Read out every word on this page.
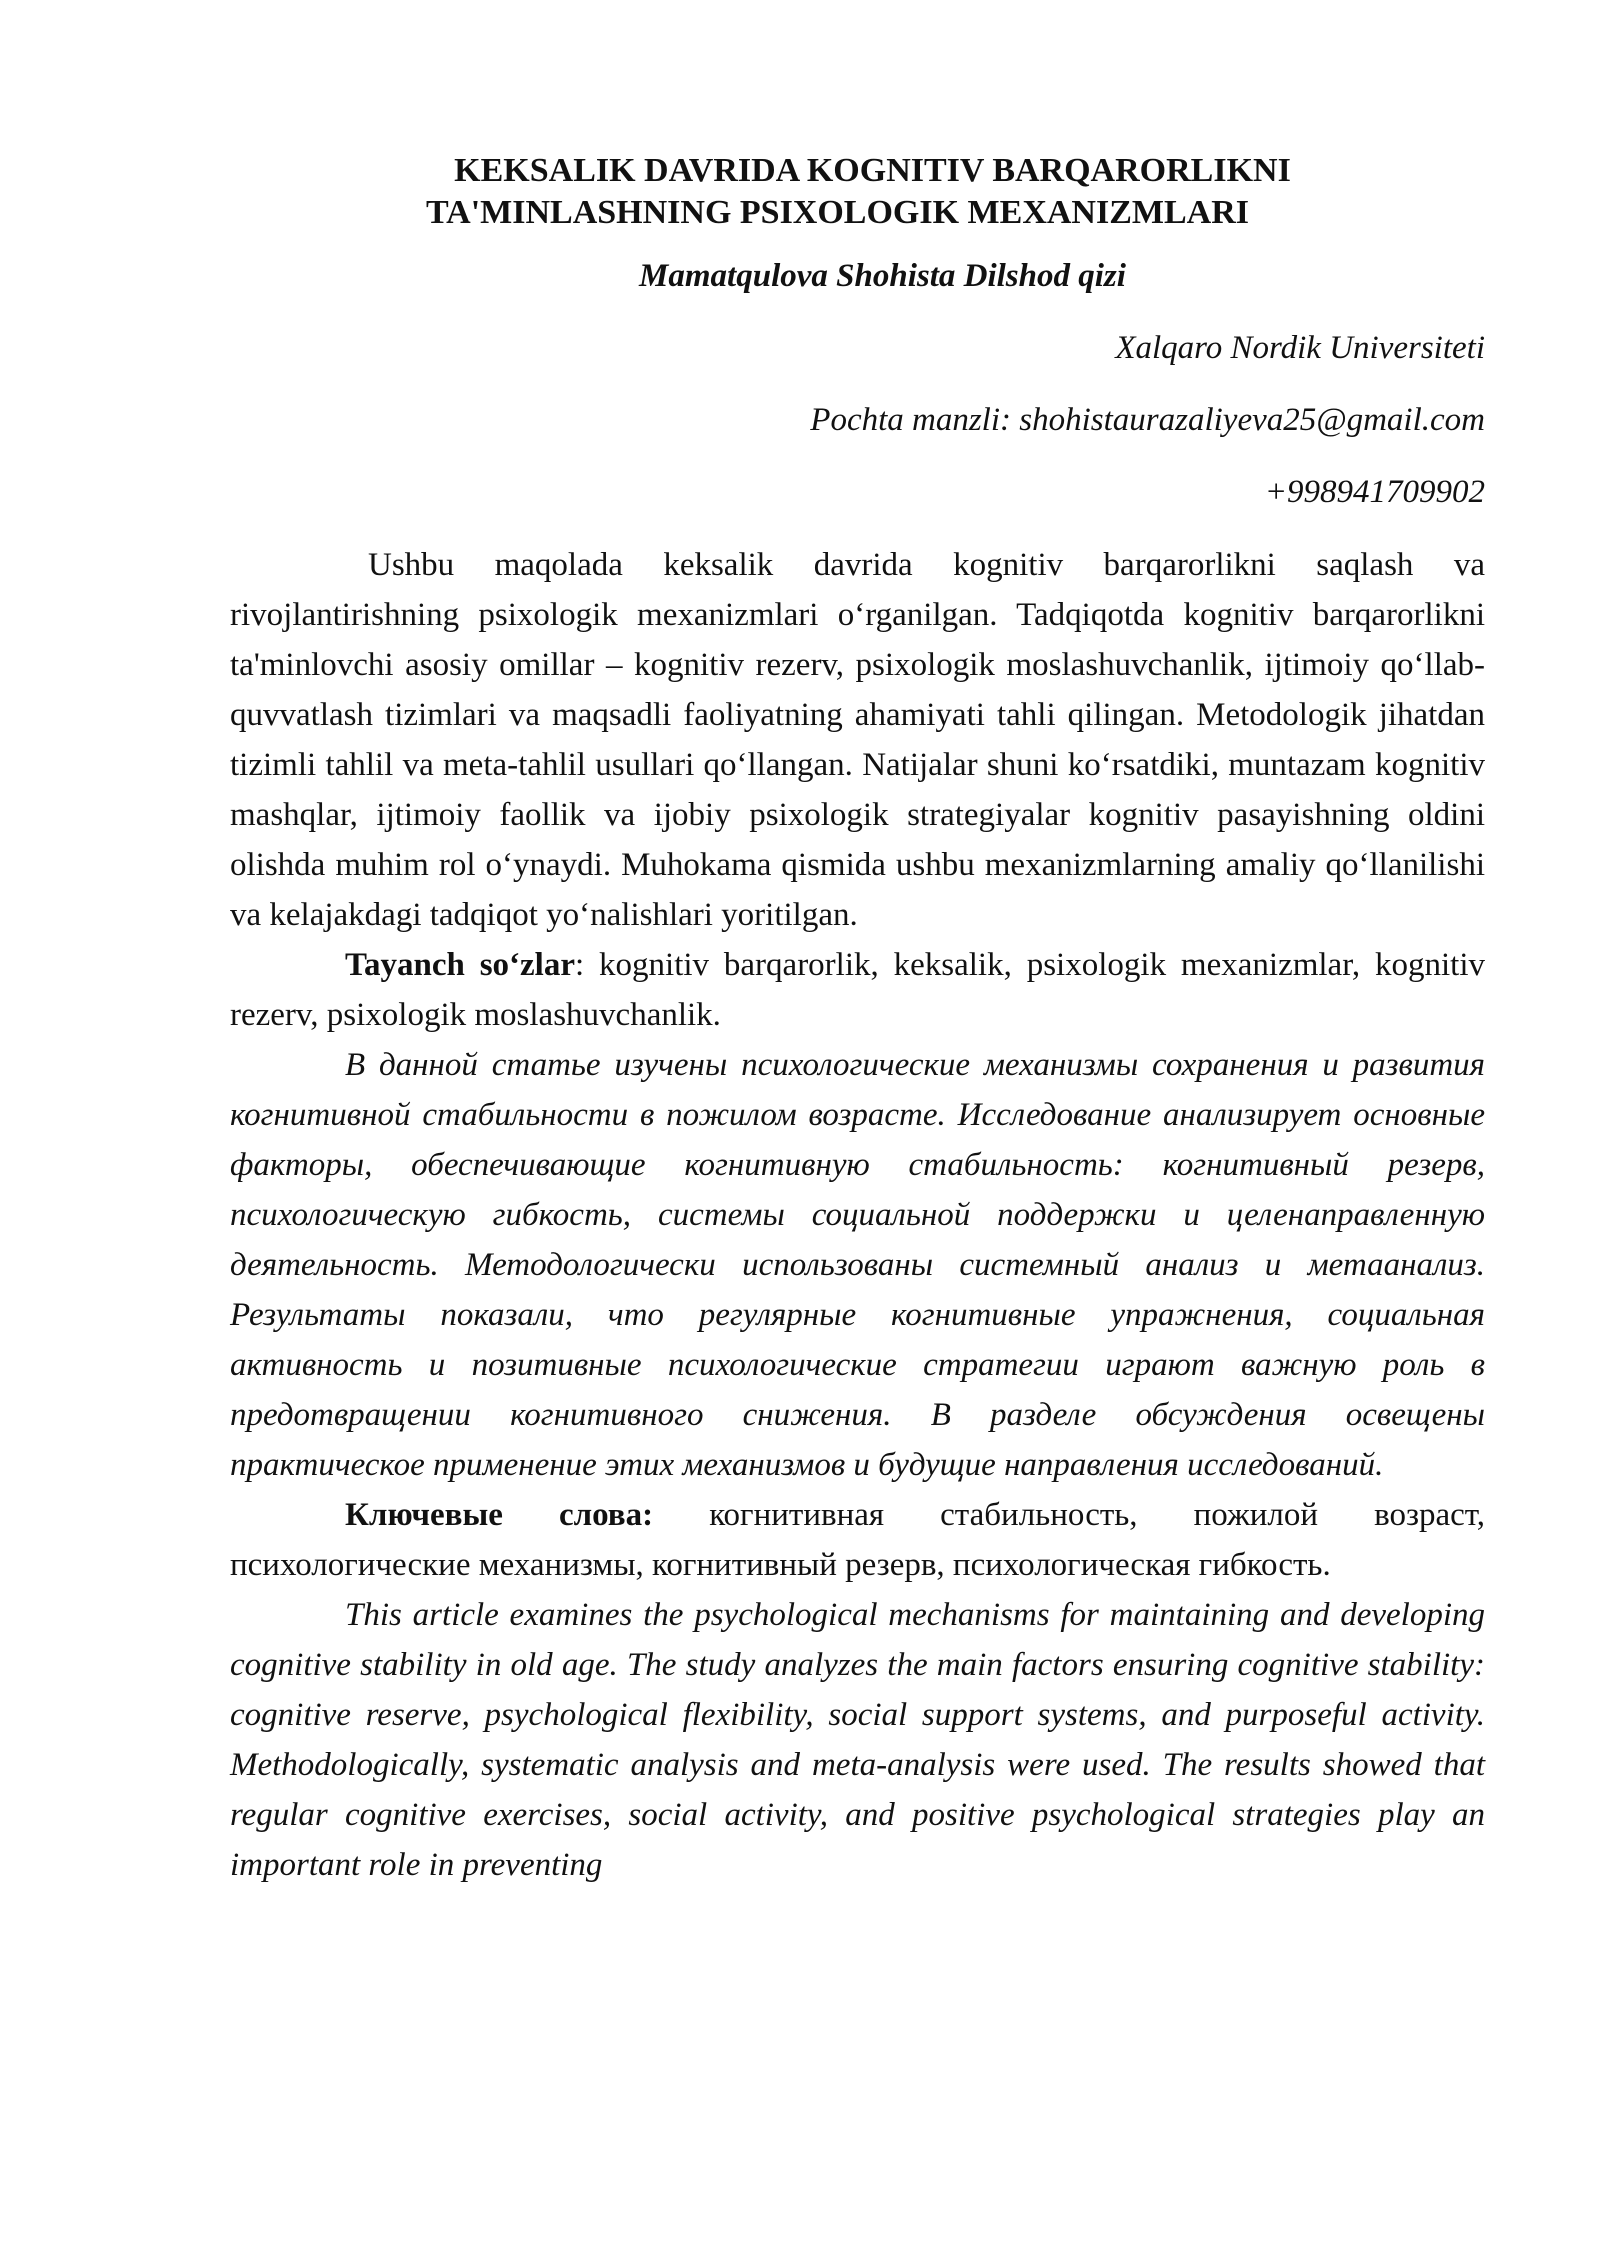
KEKSALIK DAVRIDA KOGNITIV BARQARORLIKNI
TA'MINLASHNING PSIXOLOGIK MEXANIZMLARI
Mamatqulova Shohista Dilshod qizi
Xalqaro Nordik Universiteti
Pochta manzli: shohistaurazaliyeva25@gmail.com
+998941709902

Ushbu maqolada keksalik davrida kognitiv barqarorlikni saqlash va rivojlantirishning psixologik mexanizmlari o‘rganilgan. Tadqiqotda kognitiv barqarorlikni ta'minlovchi asosiy omillar – kognitiv rezerv, psixologik moslashuvchanlik, ijtimoiy qo‘llab-quvvatlash tizimlari va maqsadli faoliyatning ahamiyati tahli qilingan. Metodologik jihatdan tizimli tahlil va meta-tahlil usullari qo‘llangan. Natijalar shuni ko‘rsatdiki, muntazam kognitiv mashqlar, ijtimoiy faollik va ijobiy psixologik strategiyalar kognitiv pasayishning oldini olishda muhim rol o‘ynaydi. Muhokama qismida ushbu mexanizmlarning amaliy qo‘llanilishi va kelajakdagi tadqiqot yo‘nalishlari yoritilgan.

Tayanch so‘zlar: kognitiv barqarorlik, keksalik, psixologik mexanizmlar, kognitiv rezerv, psixologik moslashuvchanlik.

В данной статье изучены психологические механизмы сохранения и развития когнитивной стабильности в пожилом возрасте. Исследование анализирует основные факторы, обеспечивающие когнитивную стабильность: когнитивный резерв, психологическую гибкость, системы социальной поддержки и целенаправленную деятельность. Методологически использованы системный анализ и метаанализ. Результаты показали, что регулярные когнитивные упражнения, социальная активность и позитивные психологические стратегии играют важную роль в предотвращении когнитивного снижения. В разделе обсуждения освещены практическое применение этих механизмов и будущие направления исследований.

Ключевые слова: когнитивная стабильность, пожилой возраст, психологические механизмы, когнитивный резерв, психологическая гибкость.

This article examines the psychological mechanisms for maintaining and developing cognitive stability in old age. The study analyzes the main factors ensuring cognitive stability: cognitive reserve, psychological flexibility, social support systems, and purposeful activity. Methodologically, systematic analysis and meta-analysis were used. The results showed that regular cognitive exercises, social activity, and positive psychological strategies play an important role in preventing
